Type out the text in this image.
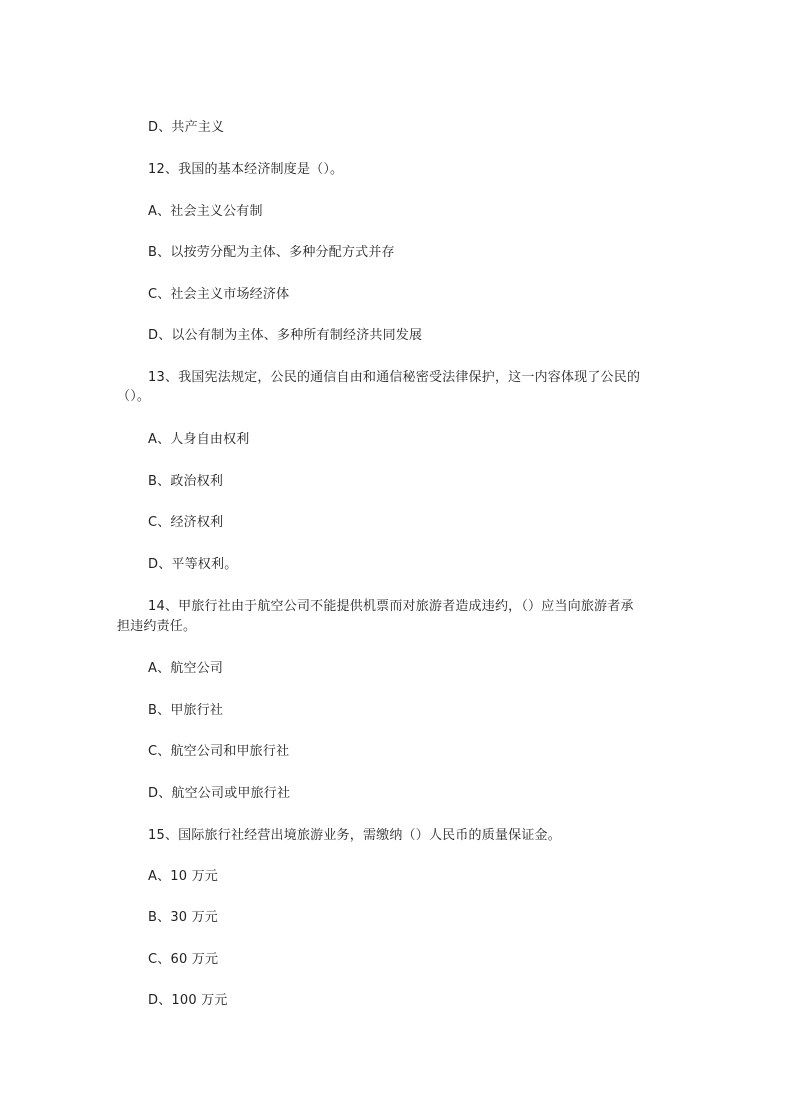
D、共产主义
12、我国的基本经济制度是（）。
A、社会主义公有制
B、以按劳分配为主体、多种分配方式并存
C、社会主义市场经济体
D、以公有制为主体、多种所有制经济共同发展
13、我国宪法规定，公民的通信自由和通信秘密受法律保护，这一内容体现了公民的
（）。
A、人身自由权利
B、政治权利
C、经济权利
D、平等权利。
14、甲旅行社由于航空公司不能提供机票而对旅游者造成违约，（）应当向旅游者承
担违约责任。
A、航空公司
B、甲旅行社
C、航空公司和甲旅行社
D、航空公司或甲旅行社
15、国际旅行社经营出境旅游业务，需缴纳（）人民币的质量保证金。
A、10 万元
B、30 万元
C、60 万元
D、100 万元
